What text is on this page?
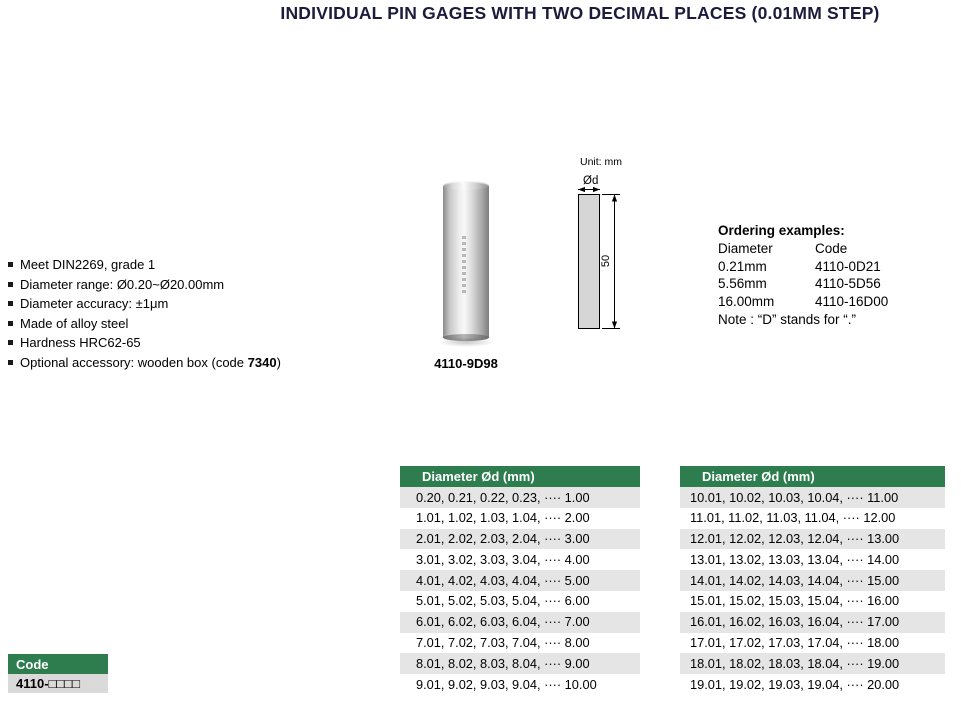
INDIVIDUAL PIN GAGES WITH TWO DECIMAL PLACES (0.01MM STEP)
Meet DIN2269, grade 1
Diameter range: Ø0.20~Ø20.00mm
Diameter accuracy: ±1μm
Made of alloy steel
Hardness HRC62-65
Optional accessory: wooden box (code 7340)	4110-9D98
Unit: mm
Ød
50
Ordering examples:
Diameter	Code
0.21mm	4110-0D21
5.56mm	4110-5D56
16.00mm	4110-16D00
Note : “D” stands for “.”
Code
4110-□□□□
Diameter Ød (mm)
0.20, 0.21, 0.22, 0.23, ···· 1.00
1.01, 1.02, 1.03, 1.04, ···· 2.00
2.01, 2.02, 2.03, 2.04, ···· 3.00
3.01, 3.02, 3.03, 3.04, ···· 4.00
4.01, 4.02, 4.03, 4.04, ···· 5.00
5.01, 5.02, 5.03, 5.04, ···· 6.00
6.01, 6.02, 6.03, 6.04, ···· 7.00
7.01, 7.02, 7.03, 7.04, ···· 8.00
8.01, 8.02, 8.03, 8.04, ···· 9.00
9.01, 9.02, 9.03, 9.04, ···· 10.00
Diameter Ød (mm)
10.01, 10.02, 10.03, 10.04, ···· 11.00
11.01, 11.02, 11.03, 11.04, ···· 12.00
12.01, 12.02, 12.03, 12.04, ···· 13.00
13.01, 13.02, 13.03, 13.04, ···· 14.00
14.01, 14.02, 14.03, 14.04, ···· 15.00
15.01, 15.02, 15.03, 15.04, ···· 16.00
16.01, 16.02, 16.03, 16.04, ···· 17.00
17.01, 17.02, 17.03, 17.04, ···· 18.00
18.01, 18.02, 18.03, 18.04, ···· 19.00
19.01, 19.02, 19.03, 19.04, ···· 20.00
